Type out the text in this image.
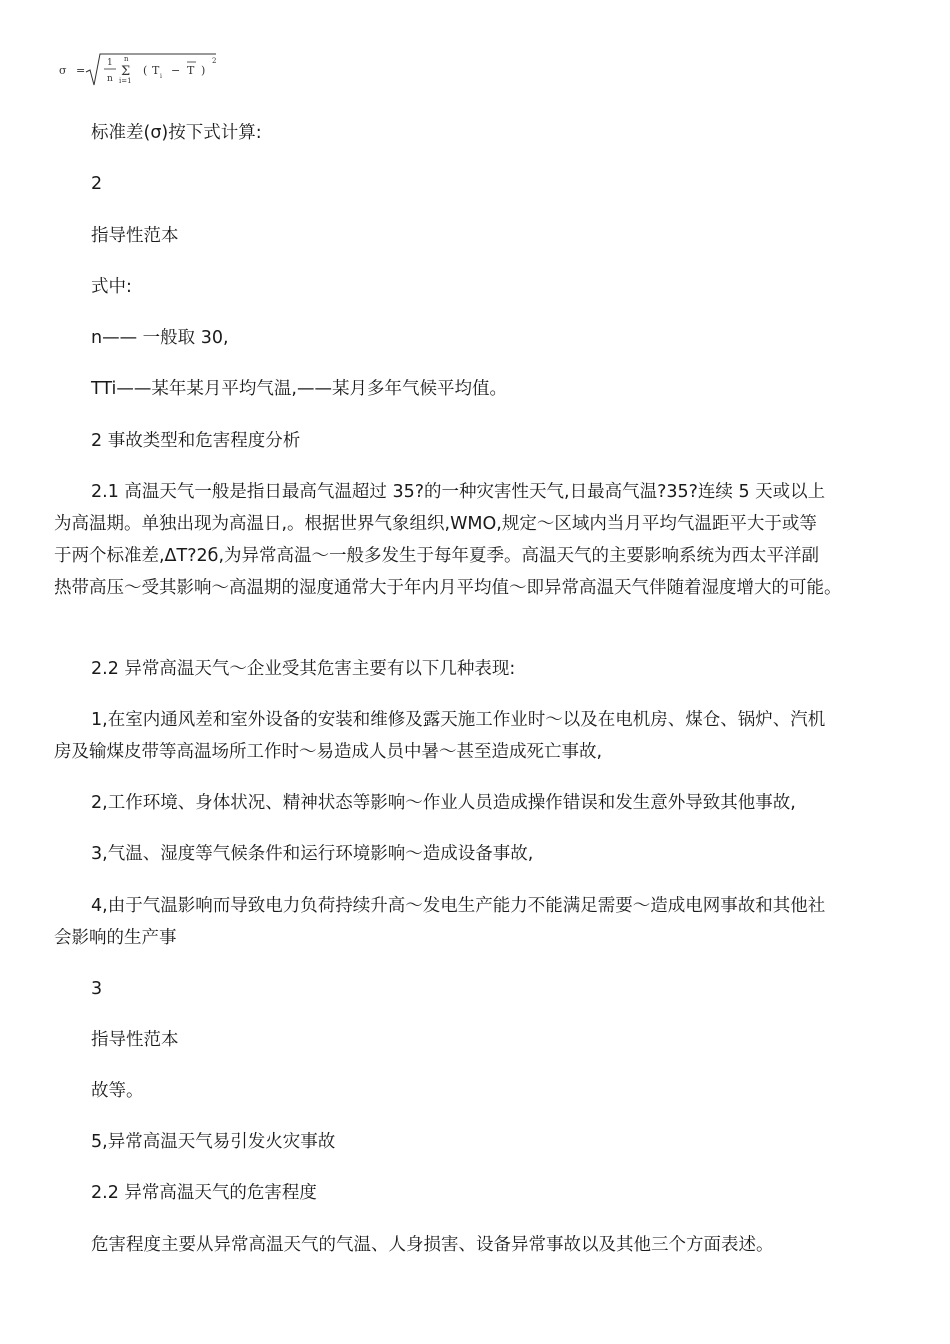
σ =
1
n
n
Σ
i=1
( T i − T )
2

标准差(σ)按下式计算:

2

指导性范本

式中:

n—— 一般取 30,

TTi——某年某月平均气温,——某月多年气候平均值。

2 事故类型和危害程度分析

2.1 高温天气一般是指日最高气温超过 35?的一种灾害性天气,日最高气温?35?连续 5 天或以上
为高温期。单独出现为高温日,。根据世界气象组织,WMO,规定～区域内当月平均气温距平大于或等
于两个标准差,ΔT?2б,为异常高温～一般多发生于每年夏季。高温天气的主要影响系统为西太平洋副
热带高压～受其影响～高温期的湿度通常大于年内月平均值～即异常高温天气伴随着湿度增大的可能。

2.2 异常高温天气～企业受其危害主要有以下几种表现:

1,在室内通风差和室外设备的安装和维修及露天施工作业时～以及在电机房、煤仓、锅炉、汽机
房及输煤皮带等高温场所工作时～易造成人员中暑～甚至造成死亡事故,

2,工作环境、身体状况、精神状态等影响～作业人员造成操作错误和发生意外导致其他事故,

3,气温、湿度等气候条件和运行环境影响～造成设备事故,

4,由于气温影响而导致电力负荷持续升高～发电生产能力不能满足需要～造成电网事故和其他社
会影响的生产事

3

指导性范本

故等。

5,异常高温天气易引发火灾事故

2.2 异常高温天气的危害程度

危害程度主要从异常高温天气的气温、人身损害、设备异常事故以及其他三个方面表述。
